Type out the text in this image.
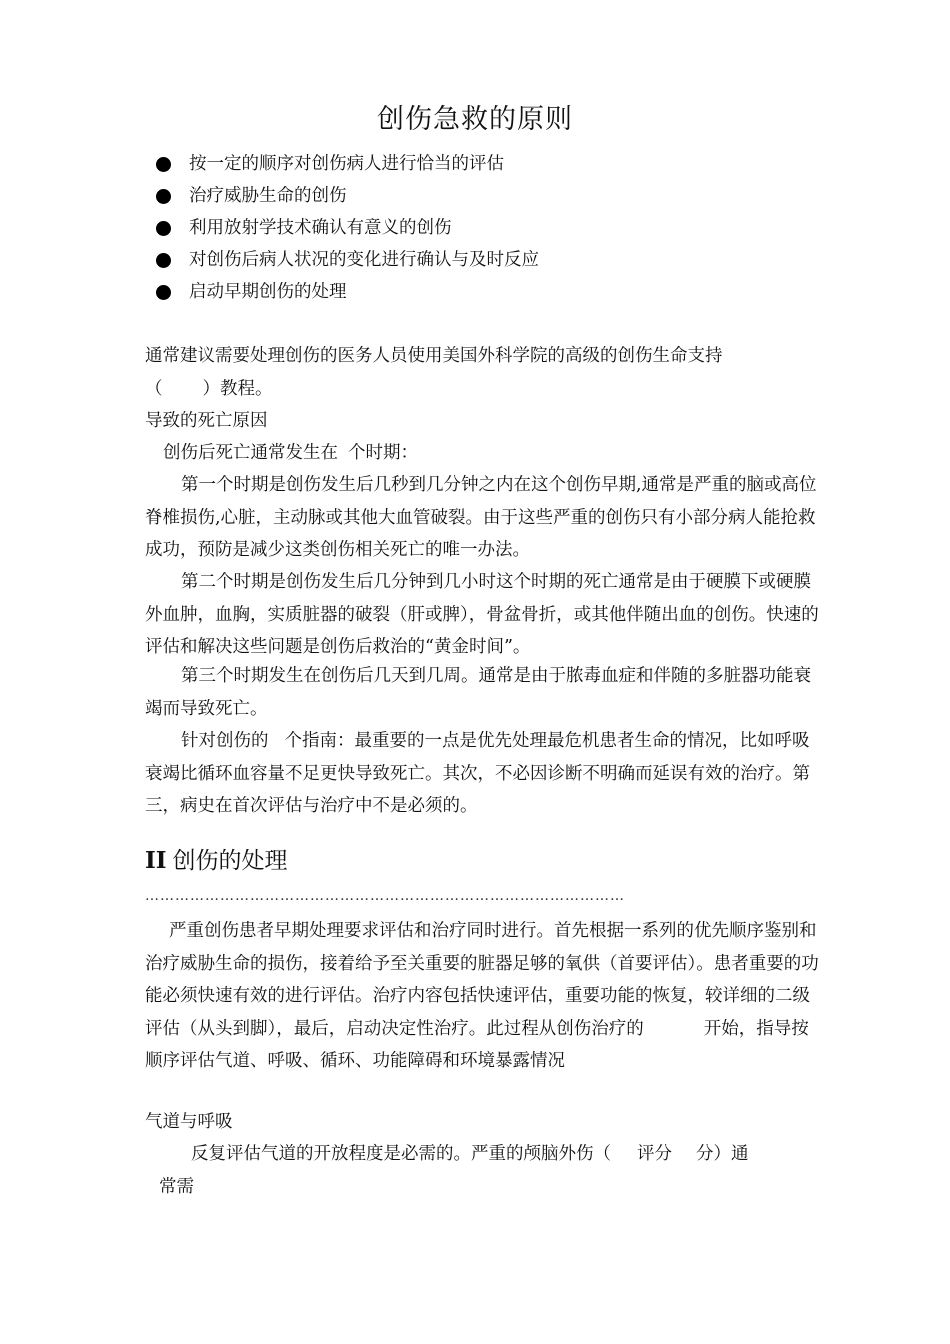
创伤急救的原则
按一定的顺序对创伤病人进行恰当的评估
治疗威胁生命的创伤
利用放射学技术确认有意义的创伤
对创伤后病人状况的变化进行确认与及时反应
启动早期创伤的处理

通常建议需要处理创伤的医务人员使用美国外科学院的高级的创伤生命支持
（ ）教程。

导致的死亡原因

创伤后死亡通常发生在 个时期：

第一个时期是创伤发生后几秒到几分钟之内在这个创伤早期,通常是严重的脑或高位脊椎损伤,心脏，主动脉或其他大血管破裂。由于这些严重的创伤只有小部分病人能抢救成功，预防是减少这类创伤相关死亡的唯一办法。

第二个时期是创伤发生后几分钟到几小时这个时期的死亡通常是由于硬膜下或硬膜外血肿，血胸，实质脏器的破裂（肝或脾），骨盆骨折，或其他伴随出血的创伤。快速的评估和解决这些问题是创伤后救治的“黄金时间”。

第三个时期发生在创伤后几天到几周。通常是由于脓毒血症和伴随的多脏器功能衰竭而导致死亡。

针对创伤的 个指南：最重要的一点是优先处理最危机患者生命的情况，比如呼吸衰竭比循环血容量不足更快导致死亡。其次，不必因诊断不明确而延误有效的治疗。第三，病史在首次评估与治疗中不是必须的。

II 创伤的处理
……………………………………………………………………………………

严重创伤患者早期处理要求评估和治疗同时进行。首先根据一系列的优先顺序鉴别和治疗威胁生命的损伤，接着给予至关重要的脏器足够的氧供（首要评估）。患者重要的功能必须快速有效的进行评估。治疗内容包括快速评估，重要功能的恢复，较详细的二级评估（从头到脚），最后，启动决定性治疗。此过程从创伤治疗的	开始，指导按顺序评估气道、呼吸、循环、功能障碍和环境暴露情况

气道与呼吸

反复评估气道的开放程度是必需的。严重的颅脑外伤（ 评分 分）通
常需
